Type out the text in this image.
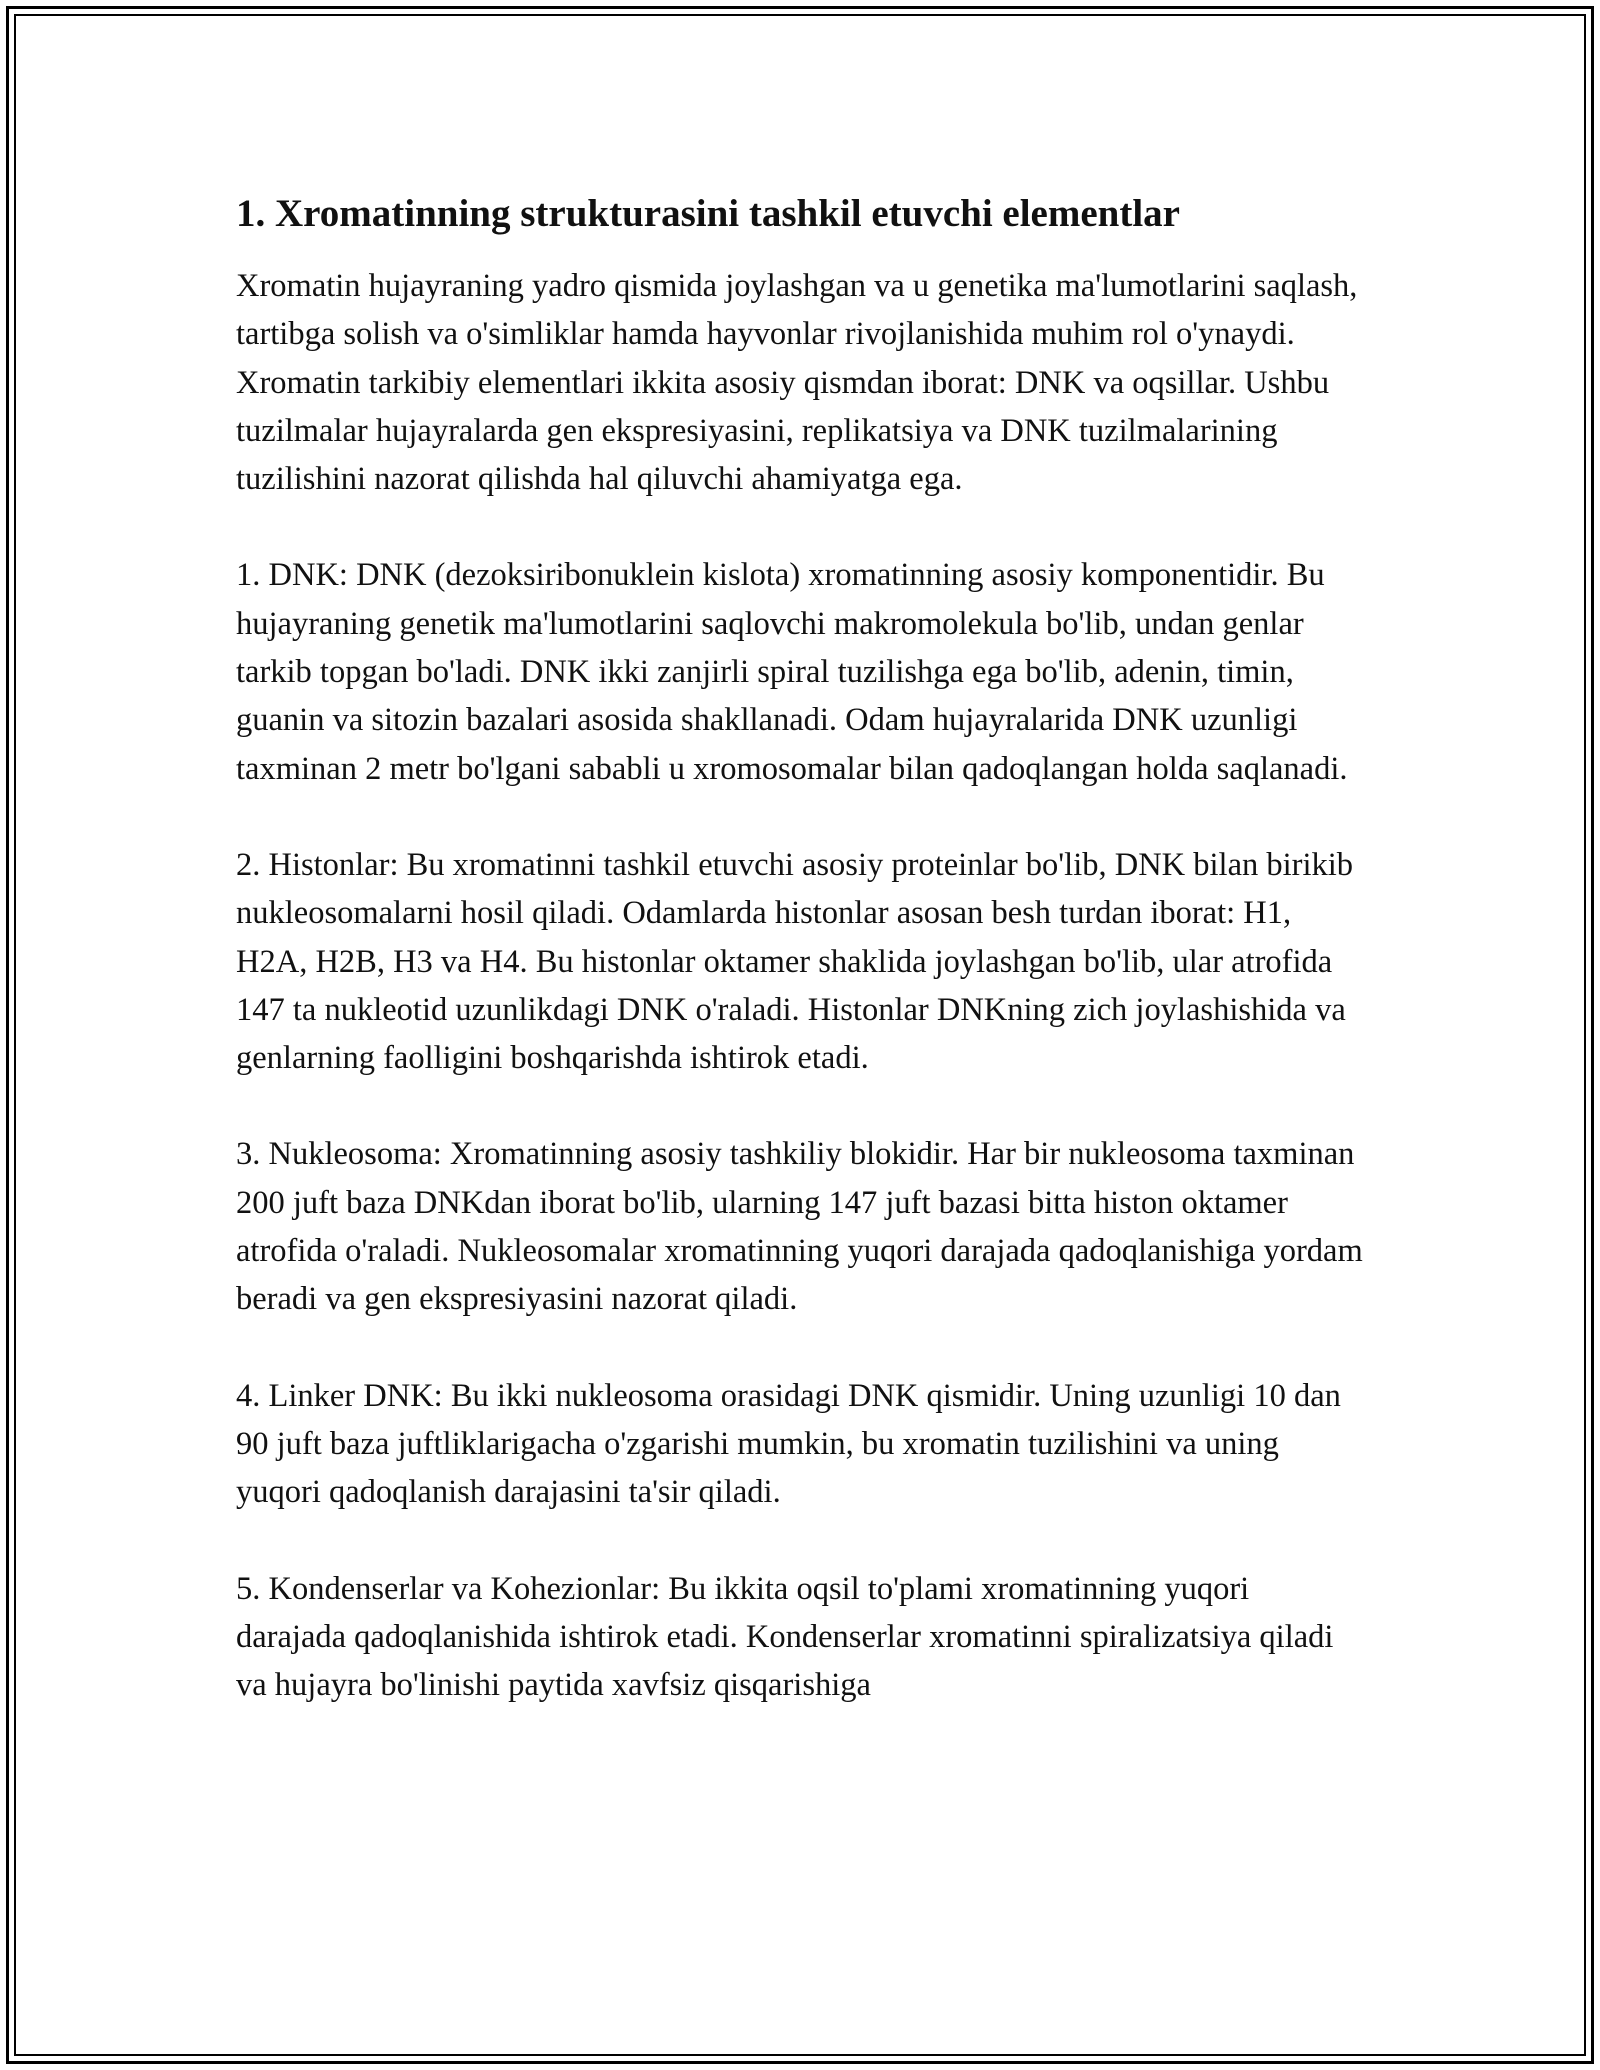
1. Xromatinning strukturasini tashkil etuvchi elementlar

Xromatin hujayraning yadro qismida joylashgan va u genetika ma'lumotlarini saqlash, tartibga solish va o'simliklar hamda hayvonlar rivojlanishida muhim rol o'ynaydi. Xromatin tarkibiy elementlari ikkita asosiy qismdan iborat: DNK va oqsillar. Ushbu tuzilmalar hujayralarda gen ekspresiyasini, replikatsiya va DNK tuzilmalarining tuzilishini nazorat qilishda hal qiluvchi ahamiyatga ega.

1. DNK: DNK (dezoksiribonuklein kislota) xromatinning asosiy komponentidir. Bu hujayraning genetik ma'lumotlarini saqlovchi makromolekula bo'lib, undan genlar tarkib topgan bo'ladi. DNK ikki zanjirli spiral tuzilishga ega bo'lib, adenin, timin, guanin va sitozin bazalari asosida shakllanadi. Odam hujayralarida DNK uzunligi taxminan 2 metr bo'lgani sababli u xromosomalar bilan qadoqlangan holda saqlanadi.

2. Histonlar: Bu xromatinni tashkil etuvchi asosiy proteinlar bo'lib, DNK bilan birikib nukleosomalarni hosil qiladi. Odamlarda histonlar asosan besh turdan iborat: H1, H2A, H2B, H3 va H4. Bu histonlar oktamer shaklida joylashgan bo'lib, ular atrofida 147 ta nukleotid uzunlikdagi DNK o'raladi. Histonlar DNKning zich joylashishida va genlarning faolligini boshqarishda ishtirok etadi.

3. Nukleosoma: Xromatinning asosiy tashkiliy blokidir. Har bir nukleosoma taxminan 200 juft baza DNKdan iborat bo'lib, ularning 147 juft bazasi bitta histon oktamer atrofida o'raladi. Nukleosomalar xromatinning yuqori darajada qadoqlanishiga yordam beradi va gen ekspresiyasini nazorat qiladi.

4. Linker DNK: Bu ikki nukleosoma orasidagi DNK qismidir. Uning uzunligi 10 dan 90 juft baza juftliklarigacha o'zgarishi mumkin, bu xromatin tuzilishini va uning yuqori qadoqlanish darajasini ta'sir qiladi.

5. Kondenserlar va Kohezionlar: Bu ikkita oqsil to'plami xromatinning yuqori darajada qadoqlanishida ishtirok etadi. Kondenserlar xromatinni spiralizatsiya qiladi va hujayra bo'linishi paytida xavfsiz qisqarishiga
